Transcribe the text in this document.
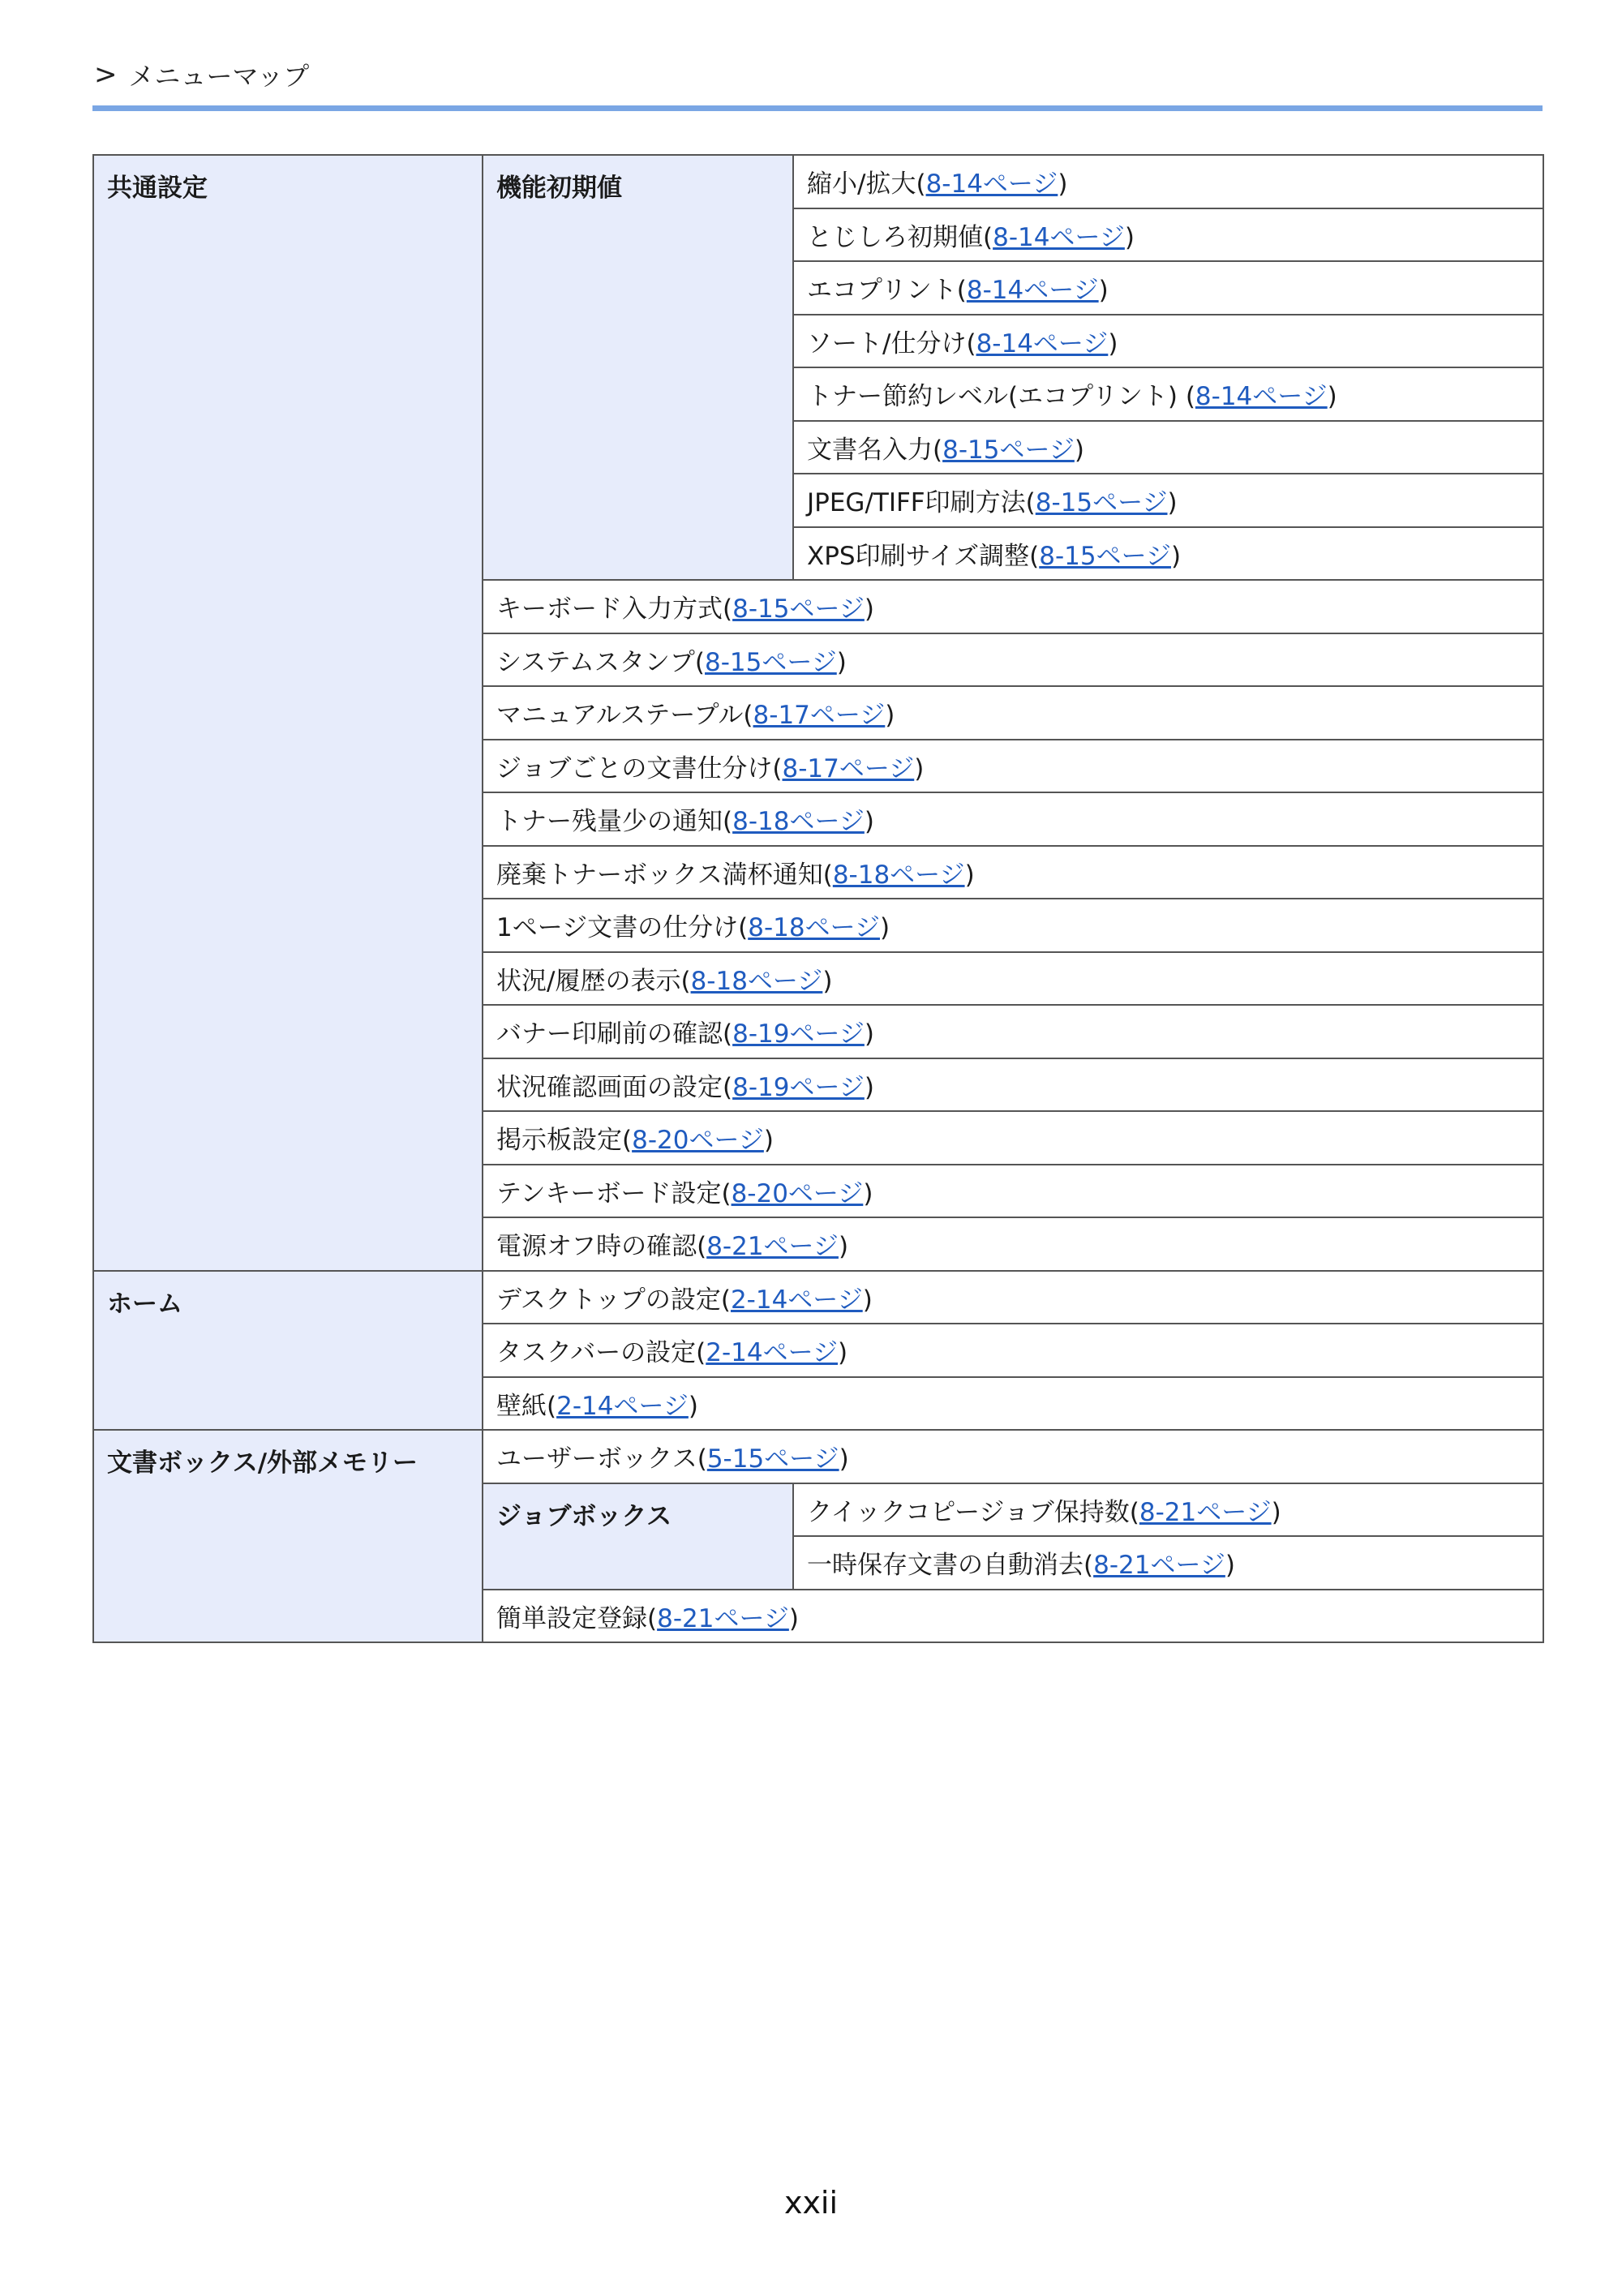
> メニューマップ
共通設定	機能初期値	縮小/拡大(8-14ページ)
		とじしろ初期値(8-14ページ)
		エコプリント(8-14ページ)
		ソート/仕分け(8-14ページ)
		トナー節約レベル(エコプリント) (8-14ページ)
		文書名入力(8-15ページ)
		JPEG/TIFF印刷方法(8-15ページ)
		XPS印刷サイズ調整(8-15ページ)
	キーボード入力方式(8-15ページ)	
	システムスタンプ(8-15ページ)	
	マニュアルステープル(8-17ページ)	
	ジョブごとの文書仕分け(8-17ページ)	
	トナー残量少の通知(8-18ページ)	
	廃棄トナーボックス満杯通知(8-18ページ)	
	1ページ文書の仕分け(8-18ページ)	
	状況/履歴の表示(8-18ページ)	
	バナー印刷前の確認(8-19ページ)	
	状況確認画面の設定(8-19ページ)	
	掲示板設定(8-20ページ)	
	テンキーボード設定(8-20ページ)	
	電源オフ時の確認(8-21ページ)	
ホーム	デスクトップの設定(2-14ページ)	
	タスクバーの設定(2-14ページ)	
	壁紙(2-14ページ)	
文書ボックス/外部メモリー	ユーザーボックス(5-15ページ)	
	ジョブボックス	クイックコピージョブ保持数(8-21ページ)
		一時保存文書の自動消去(8-21ページ)
	簡単設定登録(8-21ページ)	
xxii
